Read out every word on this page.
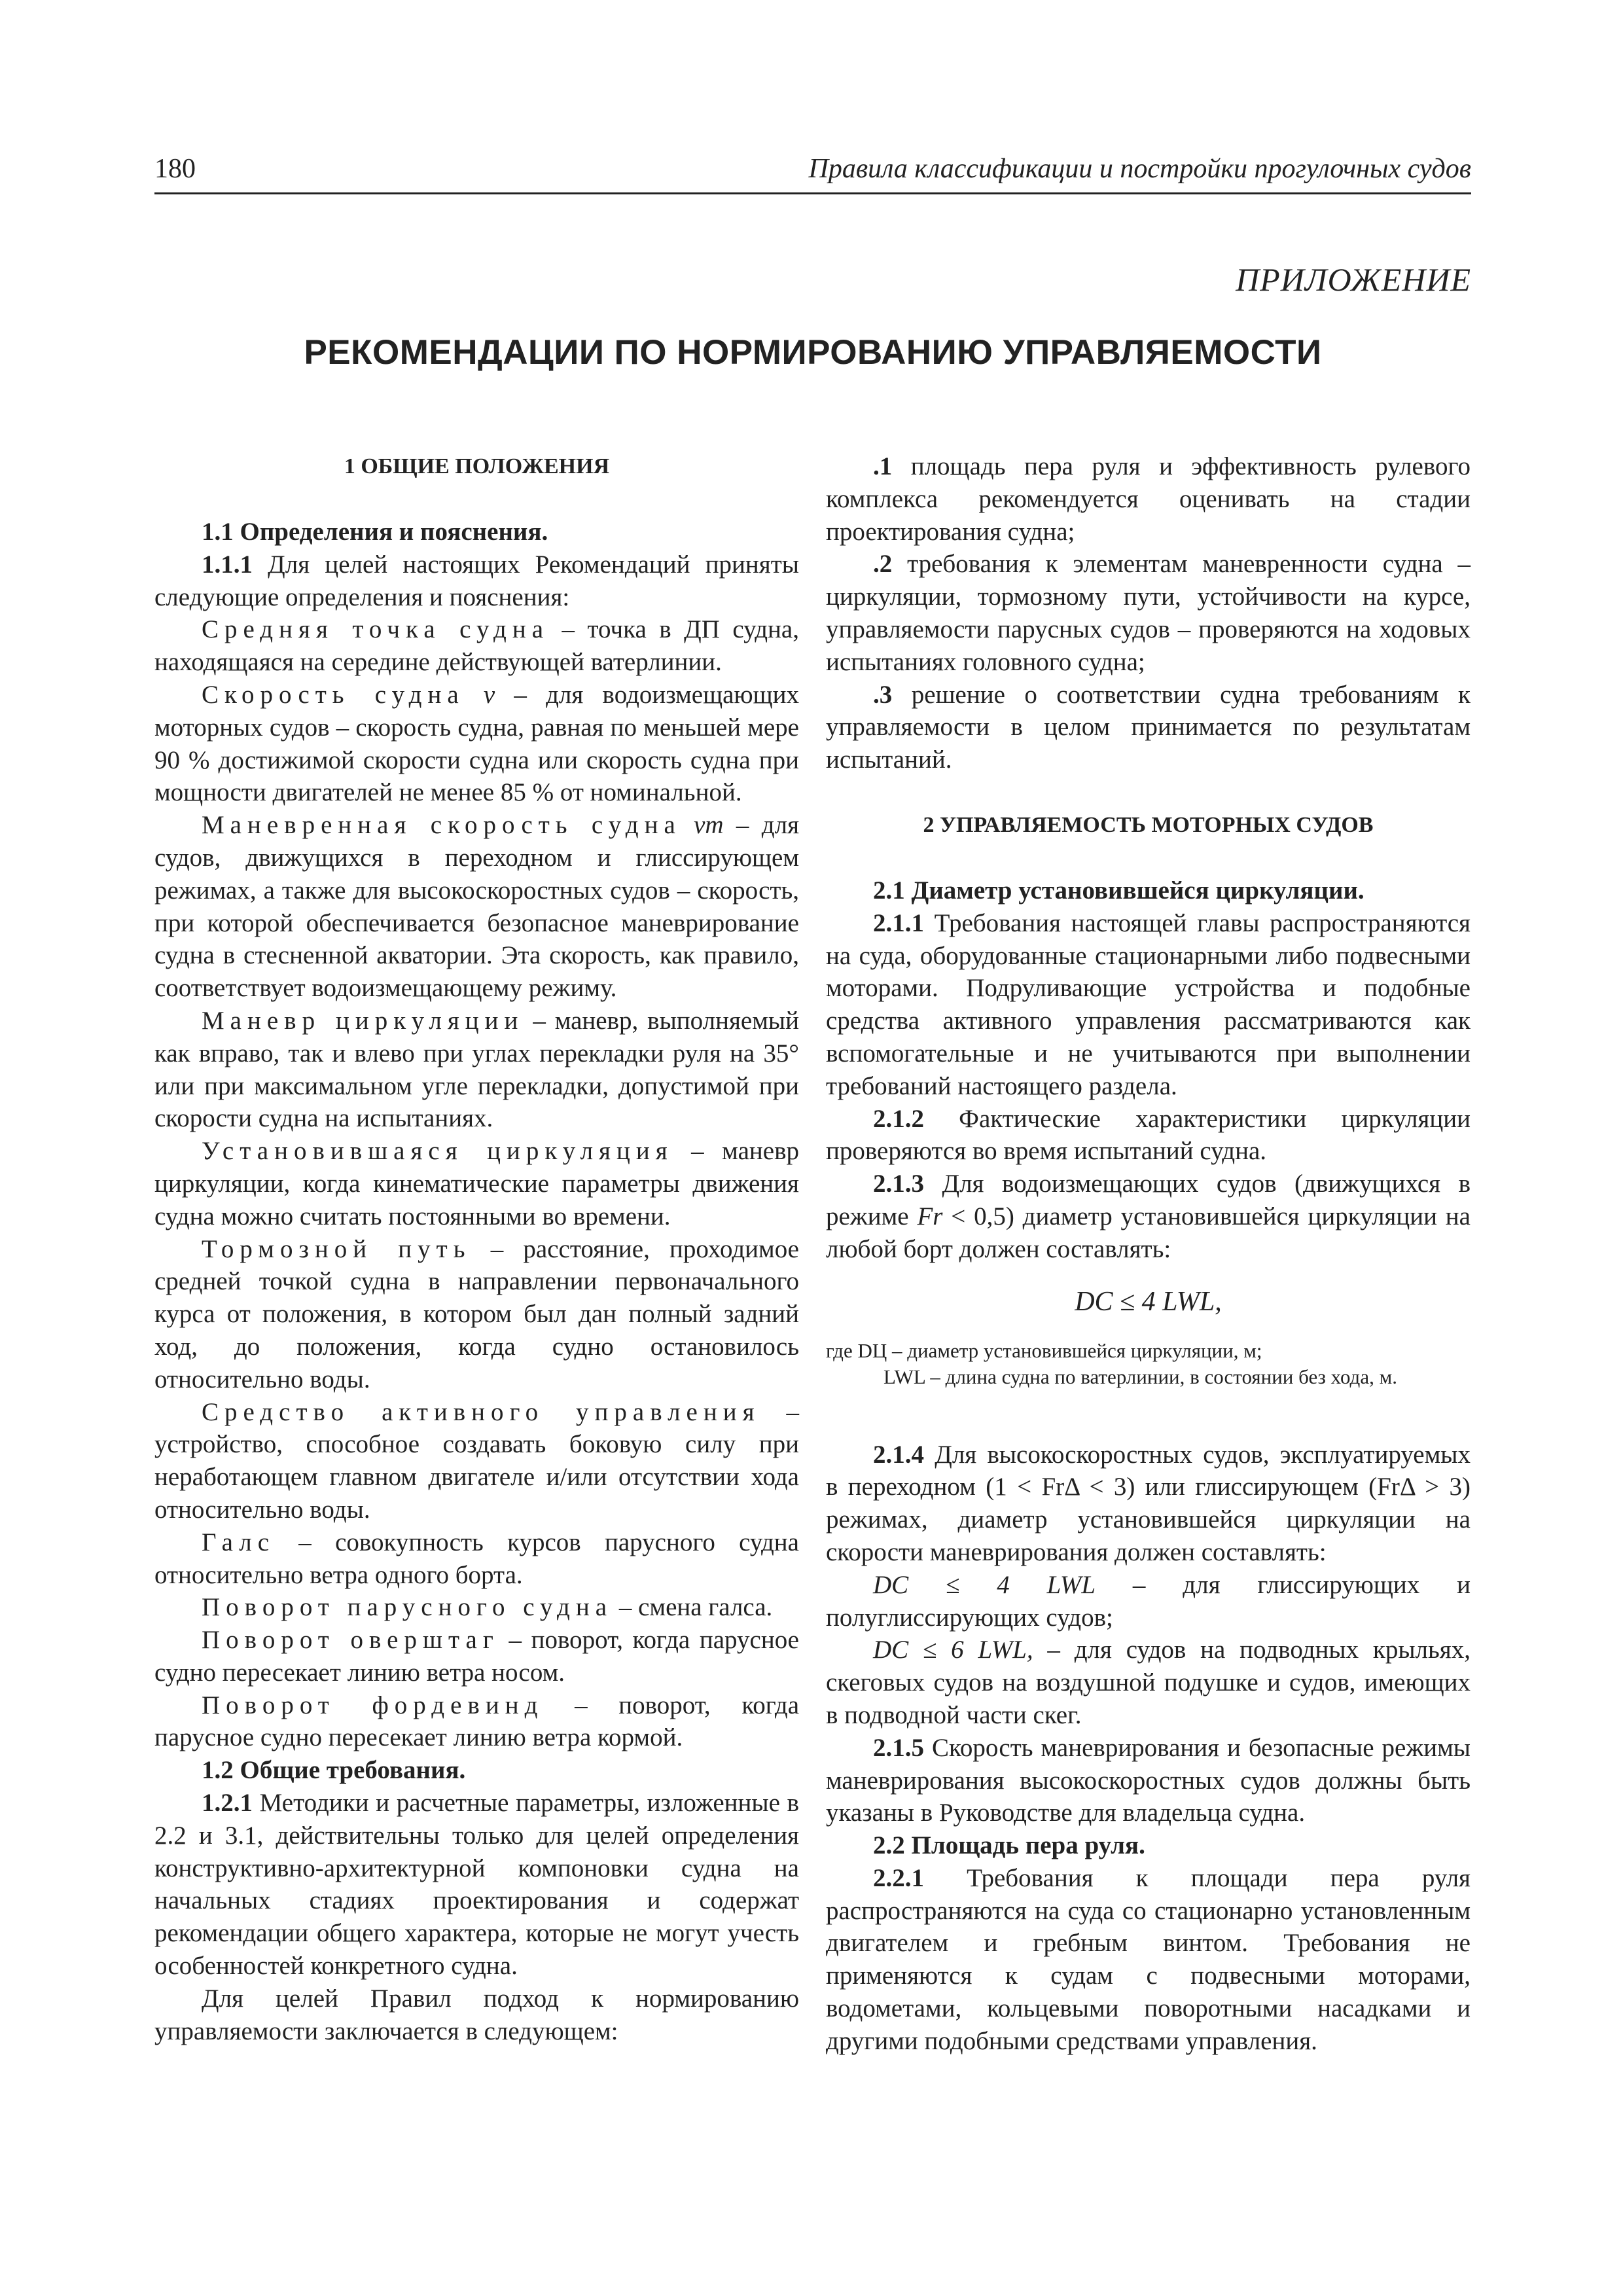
180	Правила классификации и постройки прогулочных судов
ПРИЛОЖЕНИЕ
РЕКОМЕНДАЦИИ ПО НОРМИРОВАНИЮ УПРАВЛЯЕМОСТИ

1 ОБЩИЕ ПОЛОЖЕНИЯ

1.1 Определения и пояснения.

1.1.1 Для целей настоящих Рекомендаций приняты следующие определения и пояснения:

Средняя точка судна – точка в ДП судна, находящаяся на середине действующей ватерлинии.

Скорость судна v – для водоизмещающих моторных судов – скорость судна, равная по меньшей мере 90 % достижимой скорости судна или скорость судна при мощности двигателей не менее 85 % от номинальной.

Маневренная скорость судна vm – для судов, движущихся в переходном и глиссирующем режимах, а также для высокоскоростных судов – скорость, при которой обеспечивается безопасное маневрирование судна в стесненной акватории. Эта скорость, как правило, соответствует водоизмещающему режиму.

Маневр циркуляции – маневр, выполняемый как вправо, так и влево при углах перекладки руля на 35° или при максимальном угле перекладки, допустимой при скорости судна на испытаниях.

Установившаяся циркуляция – маневр циркуляции, когда кинематические параметры движения судна можно считать постоянными во времени.

Тормозной путь – расстояние, проходимое средней точкой судна в направлении первоначального курса от положения, в котором был дан полный задний ход, до положения, когда судно остановилось относительно воды.

Средство активного управления – устройство, способное создавать боковую силу при неработающем главном двигателе и/или отсутствии хода относительно воды.

Галс – совокупность курсов парусного судна относительно ветра одного борта.

Поворот парусного судна – смена галса.

Поворот оверштаг – поворот, когда парусное судно пересекает линию ветра носом.

Поворот фордевинд – поворот, когда парусное судно пересекает линию ветра кормой.

1.2 Общие требования.

1.2.1 Методики и расчетные параметры, изложенные в 2.2 и 3.1, действительны только для целей определения конструктивно-архитектурной компоновки судна на начальных стадиях проектирования и содержат рекомендации общего характера, которые не могут учесть особенностей конкретного судна.

Для целей Правил подход к нормированию управляемости заключается в следующем:

.1 площадь пера руля и эффективность рулевого комплекса рекомендуется оценивать на стадии проектирования судна;

.2 требования к элементам маневренности судна – циркуляции, тормозному пути, устойчивости на курсе, управляемости парусных судов – проверяются на ходовых испытаниях головного судна;

.3 решение о соответствии судна требованиям к управляемости в целом принимается по результатам испытаний.

2 УПРАВЛЯЕМОСТЬ МОТОРНЫХ СУДОВ

2.1 Диаметр установившейся циркуляции.

2.1.1 Требования настоящей главы распространяются на суда, оборудованные стационарными либо подвесными моторами. Подруливающие устройства и подобные средства активного управления рассматриваются как вспомогательные и не учитываются при выполнении требований настоящего раздела.

2.1.2 Фактические характеристики циркуляции проверяются во время испытаний судна.

2.1.3 Для водоизмещающих судов (движущихся в режиме Fr < 0,5) диаметр установившейся циркуляции на любой борт должен составлять:

DC ≤ 4 LWL,

где DЦ – диаметр установившейся циркуляции, м;

LWL – длина судна по ватерлинии, в состоянии без хода, м.

2.1.4 Для высокоскоростных судов, эксплуатируемых в переходном (1 < FrΔ < 3) или глиссирующем (FrΔ > 3) режимах, диаметр установившейся циркуляции на скорости маневрирования должен составлять:

DC ≤ 4 LWL – для глиссирующих и полуглиссирующих судов;

DC ≤ 6 LWL, – для судов на подводных крыльях, скеговых судов на воздушной подушке и судов, имеющих в подводной части скег.

2.1.5 Скорость маневрирования и безопасные режимы маневрирования высокоскоростных судов должны быть указаны в Руководстве для владельца судна.

2.2 Площадь пера руля.

2.2.1 Требования к площади пера руля распространяются на суда со стационарно установленным двигателем и гребным винтом. Требования не применяются к судам с подвесными моторами, водометами, кольцевыми поворотными насадками и другими подобными средствами управления.
